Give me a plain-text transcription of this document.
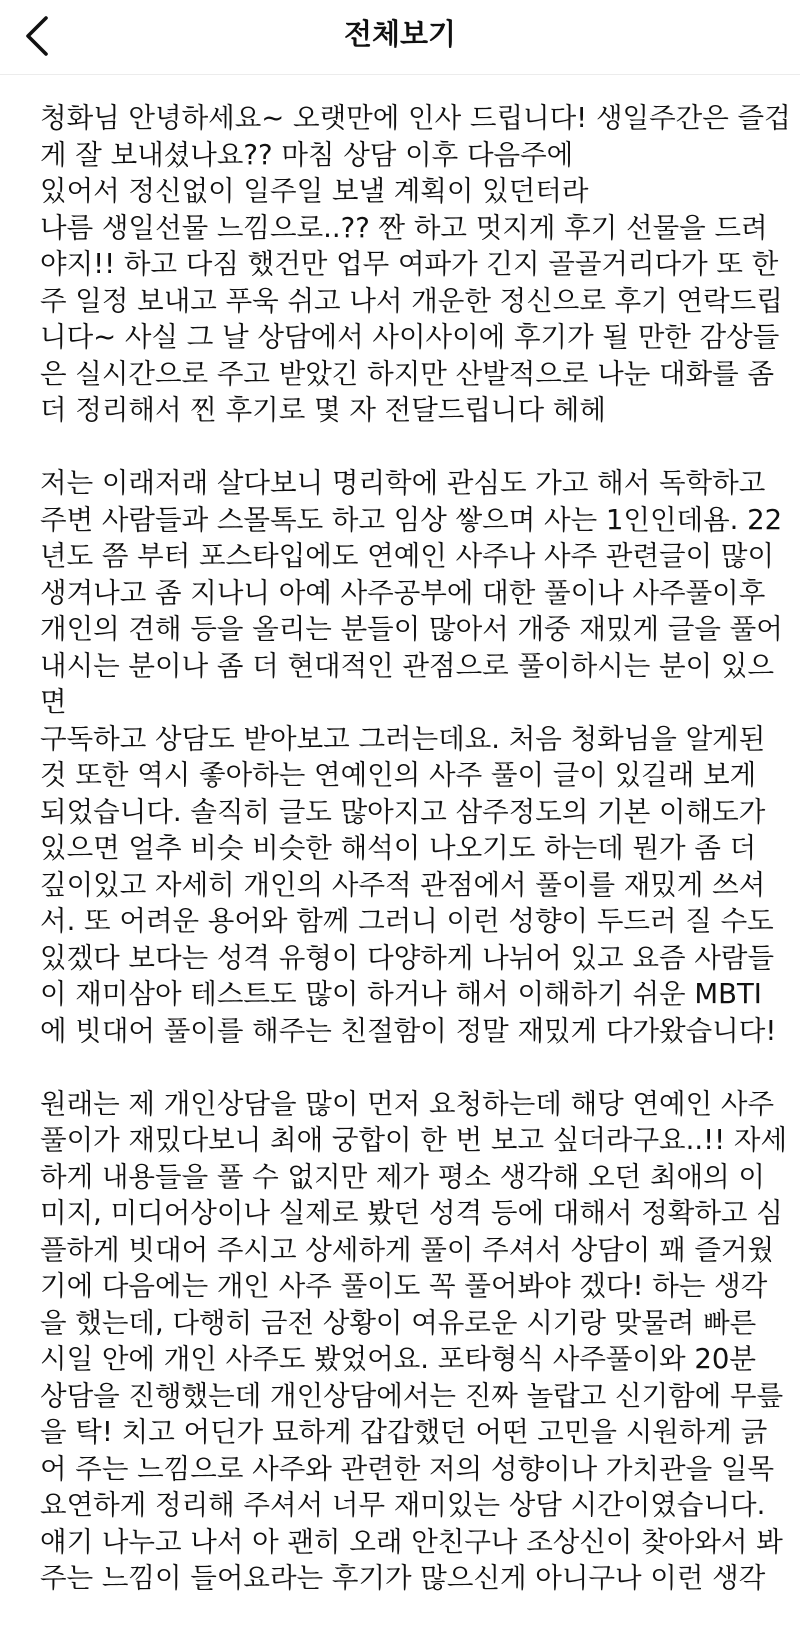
전체보기
청화님 안녕하세요~ 오랫만에 인사 드립니다! 생일주간은 즐겁
게 잘 보내셨나요?? 마침 상담 이후 다음주에
있어서 정신없이 일주일 보낼 계획이 있던터라
나름 생일선물 느낌으로..?? 짠 하고 멋지게 후기 선물을 드려
야지!! 하고 다짐 했건만 업무 여파가 긴지 골골거리다가 또 한
주 일정 보내고 푸욱 쉬고 나서 개운한 정신으로 후기 연락드립
니다~ 사실 그 날 상담에서 사이사이에 후기가 될 만한 감상들
은 실시간으로 주고 받았긴 하지만 산발적으로 나눈 대화를 좀
더 정리해서 찐 후기로 몇 자 전달드립니다 헤헤
저는 이래저래 살다보니 명리학에 관심도 가고 해서 독학하고
주변 사람들과 스몰톡도 하고 임상 쌓으며 사는 1인인데욤. 22
년도 쯤 부터 포스타입에도 연예인 사주나 사주 관련글이 많이
생겨나고 좀 지나니 아예 사주공부에 대한 풀이나 사주풀이후
개인의 견해 등을 올리는 분들이 많아서 개중 재밌게 글을 풀어
내시는 분이나 좀 더 현대적인 관점으로 풀이하시는 분이 있으
면
구독하고 상담도 받아보고 그러는데요. 처음 청화님을 알게된
것 또한 역시 좋아하는 연예인의 사주 풀이 글이 있길래 보게
되었습니다. 솔직히 글도 많아지고 삼주정도의 기본 이해도가
있으면 얼추 비슷 비슷한 해석이 나오기도 하는데 뭔가 좀 더
깊이있고 자세히 개인의 사주적 관점에서 풀이를 재밌게 쓰셔
서. 또 어려운 용어와 함께 그러니 이런 성향이 두드러 질 수도
있겠다 보다는 성격 유형이 다양하게 나뉘어 있고 요즘 사람들
이 재미삼아 테스트도 많이 하거나 해서 이해하기 쉬운 MBTI
에 빗대어 풀이를 해주는 친절함이 정말 재밌게 다가왔습니다!
원래는 제 개인상담을 많이 먼저 요청하는데 해당 연예인 사주
풀이가 재밌다보니 최애 궁합이 한 번 보고 싶더라구요..!! 자세
하게 내용들을 풀 수 없지만 제가 평소 생각해 오던 최애의 이
미지, 미디어상이나 실제로 봤던 성격 등에 대해서 정확하고 심
플하게 빗대어 주시고 상세하게 풀이 주셔서 상담이 꽤 즐거웠
기에 다음에는 개인 사주 풀이도 꼭 풀어봐야 겠다! 하는 생각
을 했는데, 다행히 금전 상황이 여유로운 시기랑 맞물려 빠른
시일 안에 개인 사주도 봤었어요. 포타형식 사주풀이와 20분
상담을 진행했는데 개인상담에서는 진짜 놀랍고 신기함에 무릎
을 탁! 치고 어딘가 묘하게 갑갑했던 어떤 고민을 시원하게 긁
어 주는 느낌으로 사주와 관련한 저의 성향이나 가치관을 일목
요연하게 정리해 주셔서 너무 재미있는 상담 시간이였습니다.
얘기 나누고 나서 아 괜히 오래 안친구나 조상신이 찾아와서 봐
주는 느낌이 들어요라는 후기가 많으신게 아니구나 이런 생각
